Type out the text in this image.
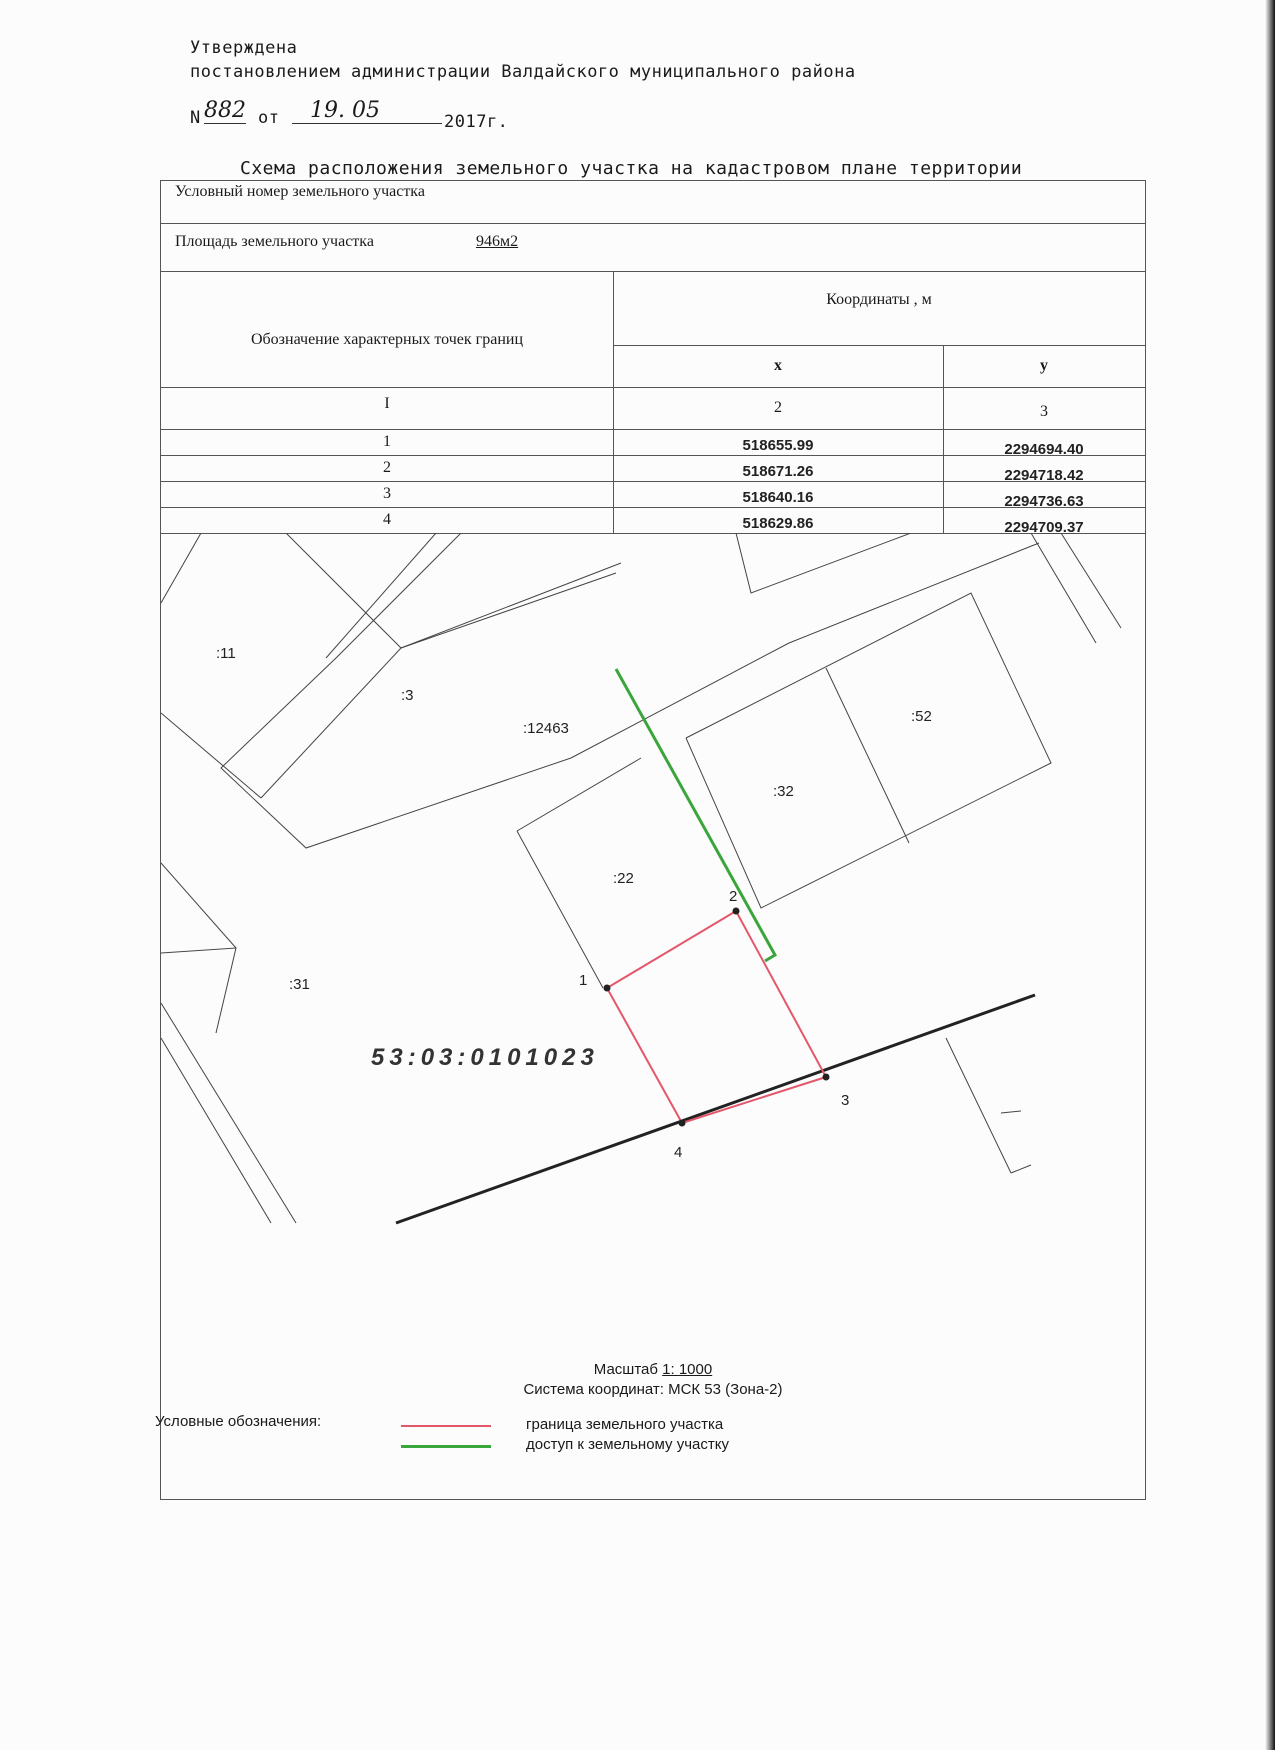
Утверждена
постановлением администрации Валдайского муниципального района
N 882 от	19. 05	2017г.
Схема расположения земельного участка на кадастровом плане территории
Условный номер земельного участка
Площадь земельного участка	946м2
Обозначение характерных точек границ
Координаты , м
x	у
I	2	3
1	518655.99	2294694.40
2	518671.26	2294718.42
3	518640.16	2294736.63
4	518629.86	2294709.37
:11
:3
:12463
:52
:32
:22
:31	1
2
3
4
53:03:0101023
Масштаб 1: 1000
Система координат: МСК 53 (Зона-2)
Условные обозначения:	граница земельного участка
доступ к земельному участку
